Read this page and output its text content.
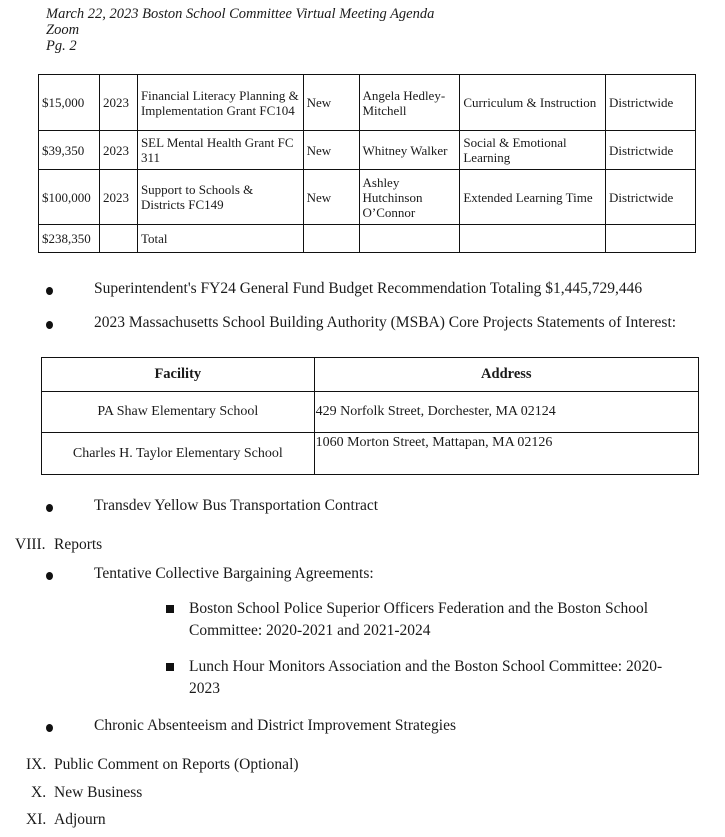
March 22, 2023 Boston School Committee Virtual Meeting Agenda
Zoom
Pg. 2
$15,000	2023	Financial Literacy Planning & Implementation Grant FC104	New	Angela Hedley-Mitchell	Curriculum & Instruction	Districtwide
$39,350	2023	SEL Mental Health Grant FC 311	New	Whitney Walker	Social & Emotional Learning	Districtwide
$100,000	2023	Support to Schools & Districts FC149	New	Ashley Hutchinson O’Connor	Extended Learning Time	Districtwide
$238,350		Total				
Superintendent's FY24 General Fund Budget Recommendation Totaling $1,445,729,446
2023 Massachusetts School Building Authority (MSBA) Core Projects Statements of Interest:
Facility	Address
PA Shaw Elementary School	429 Norfolk Street, Dorchester, MA 02124
Charles H. Taylor Elementary School	1060 Morton Street, Mattapan, MA 02126
Transdev Yellow Bus Transportation Contract
VIII. Reports
Tentative Collective Bargaining Agreements:
Boston School Police Superior Officers Federation and the Boston School Committee: 2020-2021 and 2021-2024
Lunch Hour Monitors Association and the Boston School Committee: 2020-2023
Chronic Absenteeism and District Improvement Strategies
IX. Public Comment on Reports (Optional)
X. New Business
XI. Adjourn
